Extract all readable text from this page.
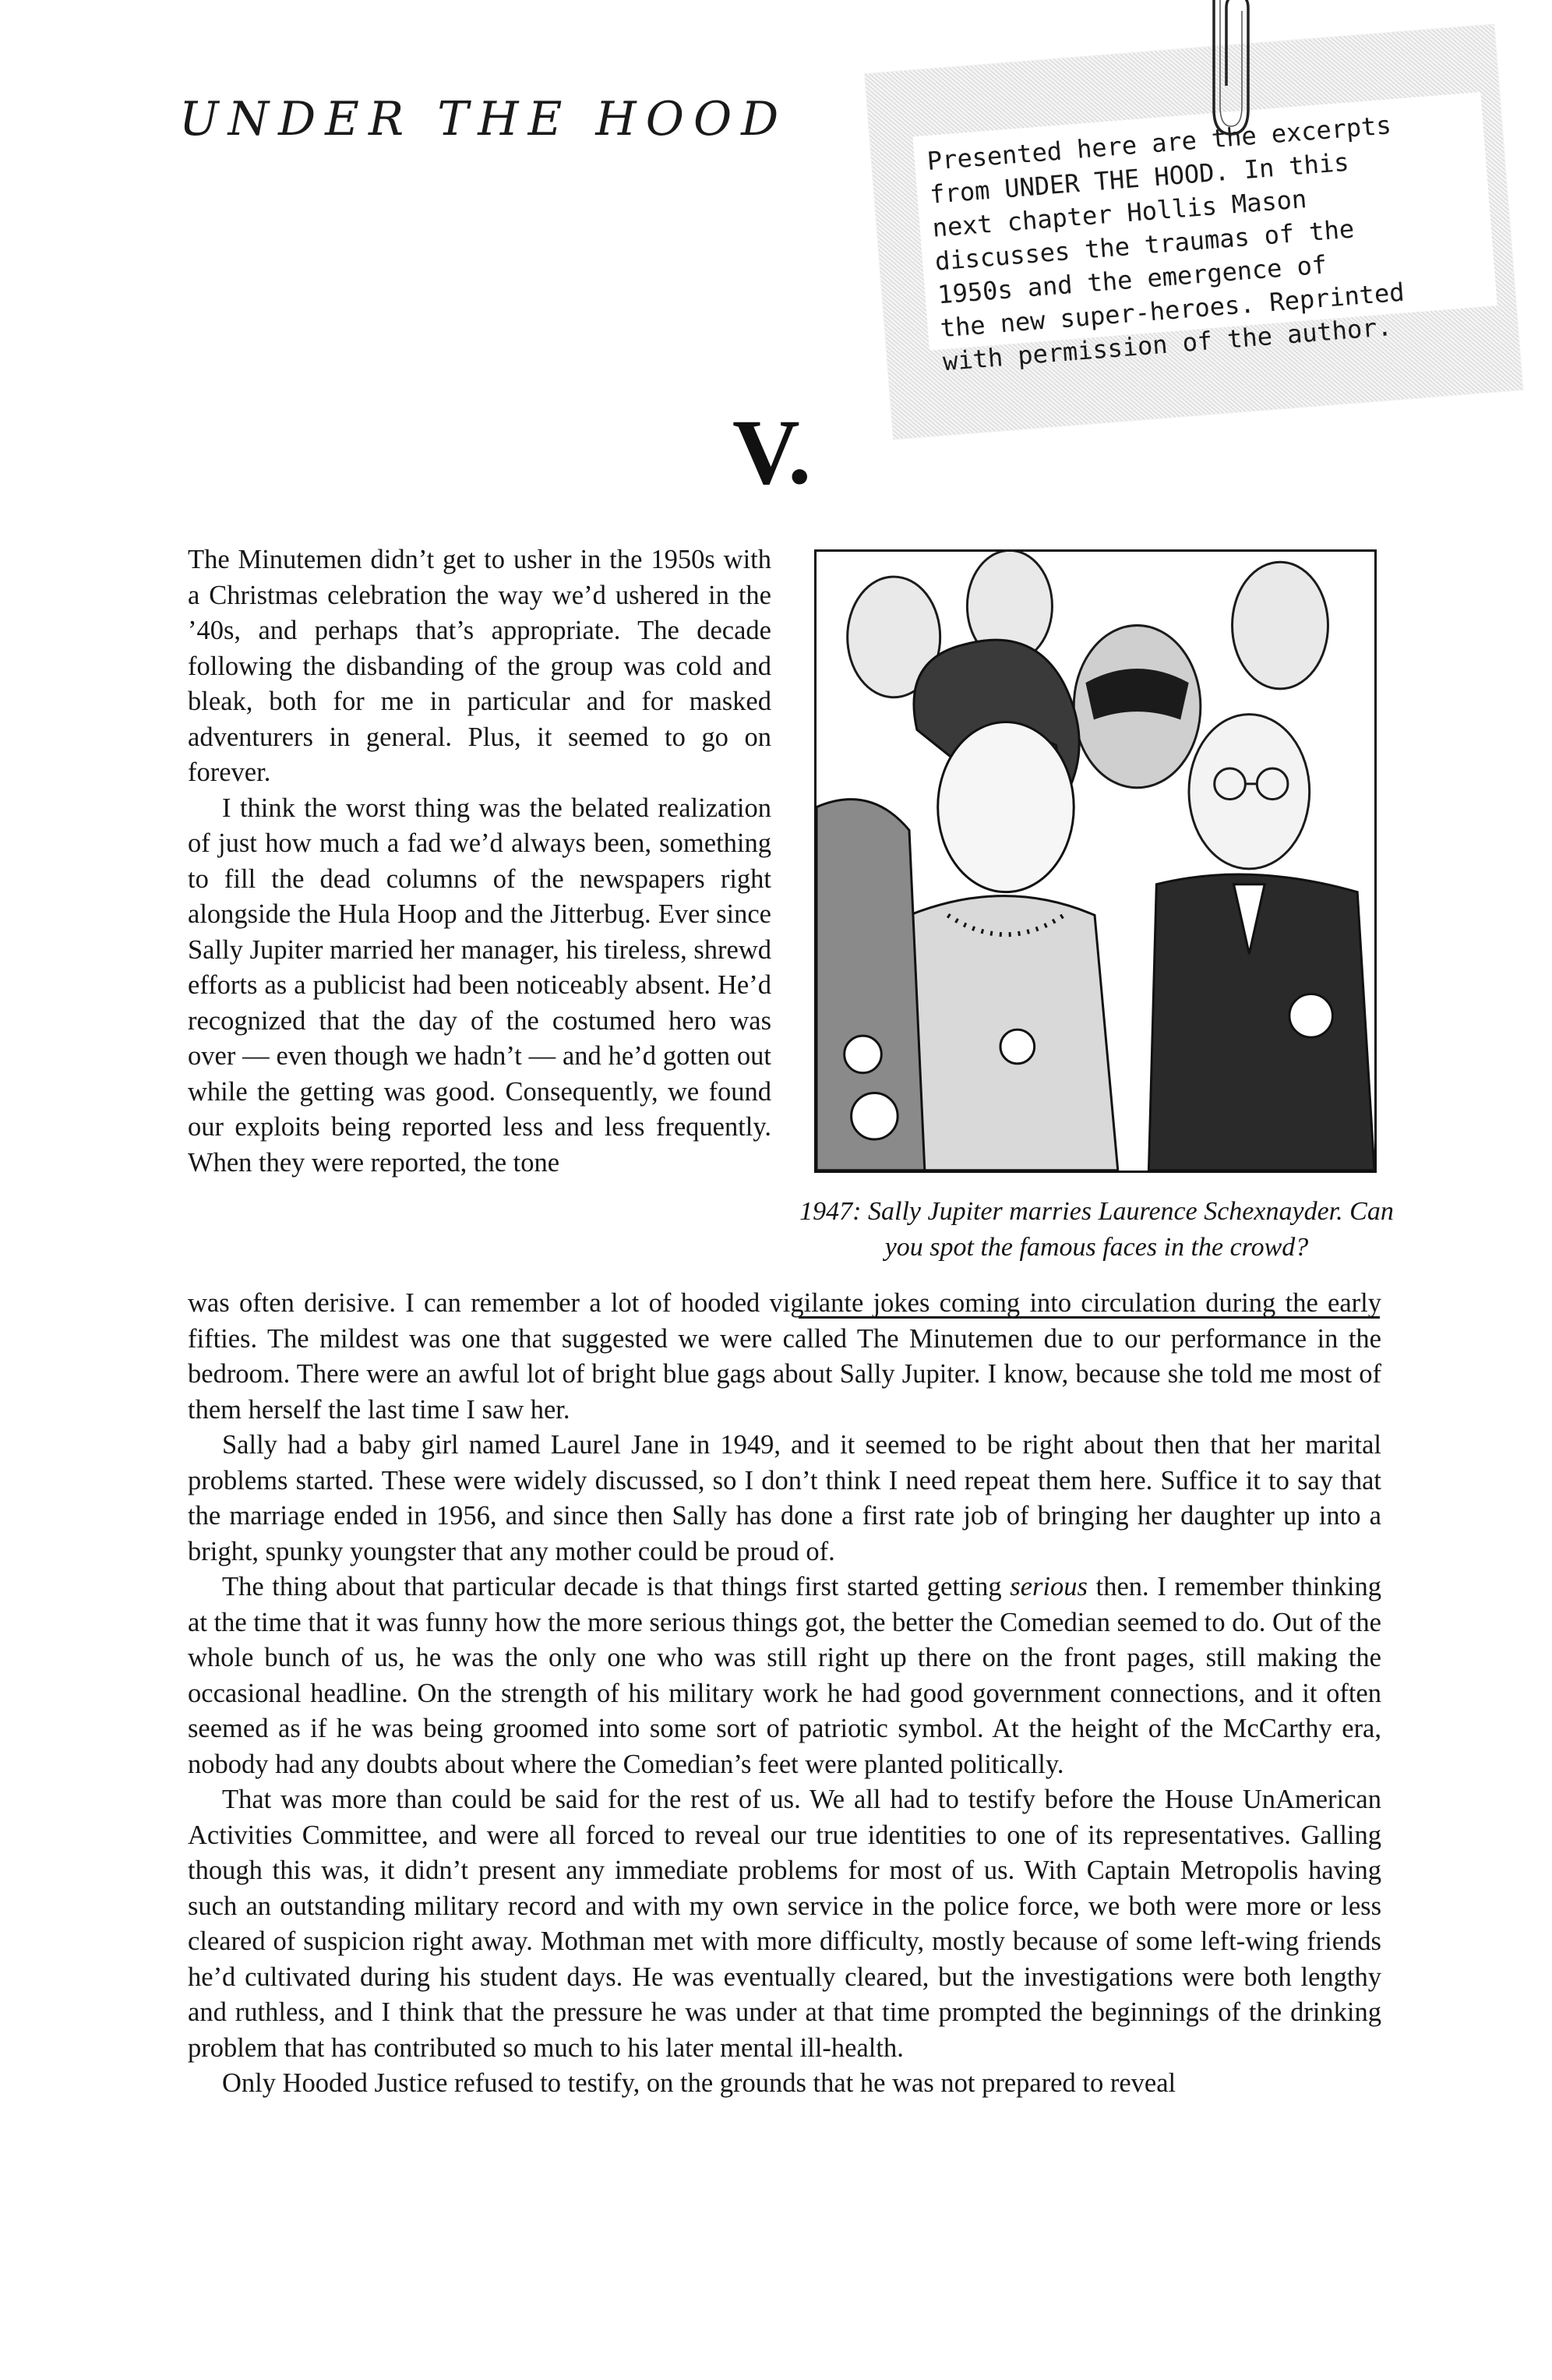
UNDER THE HOOD	Presented here are the excerpts
from UNDER THE HOOD. In this
next chapter Hollis Mason
discusses the traumas of the
1950s and the emergence of
the new super-heroes. Reprinted
with permission of the author.

V.

1947: Sally Jupiter marries Laurence Schexnayder. Can you spot the famous faces in the crowd?

The Minutemen didn’t get to usher in the 1950s with a Christmas celebration the way we’d ushered in the ’40s, and perhaps that’s appropriate. The decade following the disbanding of the group was cold and bleak, both for me in particular and for masked adventurers in general. Plus, it seemed to go on forever.

I think the worst thing was the belated realization of just how much a fad we’d always been, something to fill the dead columns of the newspapers right alongside the Hula Hoop and the Jitterbug. Ever since Sally Jupiter married her manager, his tireless, shrewd efforts as a publicist had been noticeably absent. He’d recognized that the day of the costumed hero was over — even though we hadn’t — and he’d gotten out while the getting was good. Consequently, we found our exploits being reported less and less frequently. When they were reported, the tone

was often derisive. I can remember a lot of hooded vigilante jokes coming into circulation during the early fifties. The mildest was one that suggested we were called The Minutemen due to our performance in the bedroom. There were an awful lot of bright blue gags about Sally Jupiter. I know, because she told me most of them herself the last time I saw her.

Sally had a baby girl named Laurel Jane in 1949, and it seemed to be right about then that her marital problems started. These were widely discussed, so I don’t think I need repeat them here. Suffice it to say that the marriage ended in 1956, and since then Sally has done a first rate job of bringing her daughter up into a bright, spunky youngster that any mother could be proud of.

The thing about that particular decade is that things first started getting serious then. I remember thinking at the time that it was funny how the more serious things got, the better the Comedian seemed to do. Out of the whole bunch of us, he was the only one who was still right up there on the front pages, still making the occasional headline. On the strength of his military work he had good government connections, and it often seemed as if he was being groomed into some sort of patriotic symbol. At the height of the McCarthy era, nobody had any doubts about where the Comedian’s feet were planted politically.

That was more than could be said for the rest of us. We all had to testify before the House UnAmerican Activities Committee, and were all forced to reveal our true identities to one of its representatives. Galling though this was, it didn’t present any immediate problems for most of us. With Captain Metropolis having such an outstanding military record and with my own service in the police force, we both were more or less cleared of suspicion right away. Mothman met with more difficulty, mostly because of some left-wing friends he’d cultivated during his student days. He was eventually cleared, but the investigations were both lengthy and ruthless, and I think that the pressure he was under at that time prompted the beginnings of the drinking problem that has contributed so much to his later mental ill-health.

Only Hooded Justice refused to testify, on the grounds that he was not prepared to reveal
